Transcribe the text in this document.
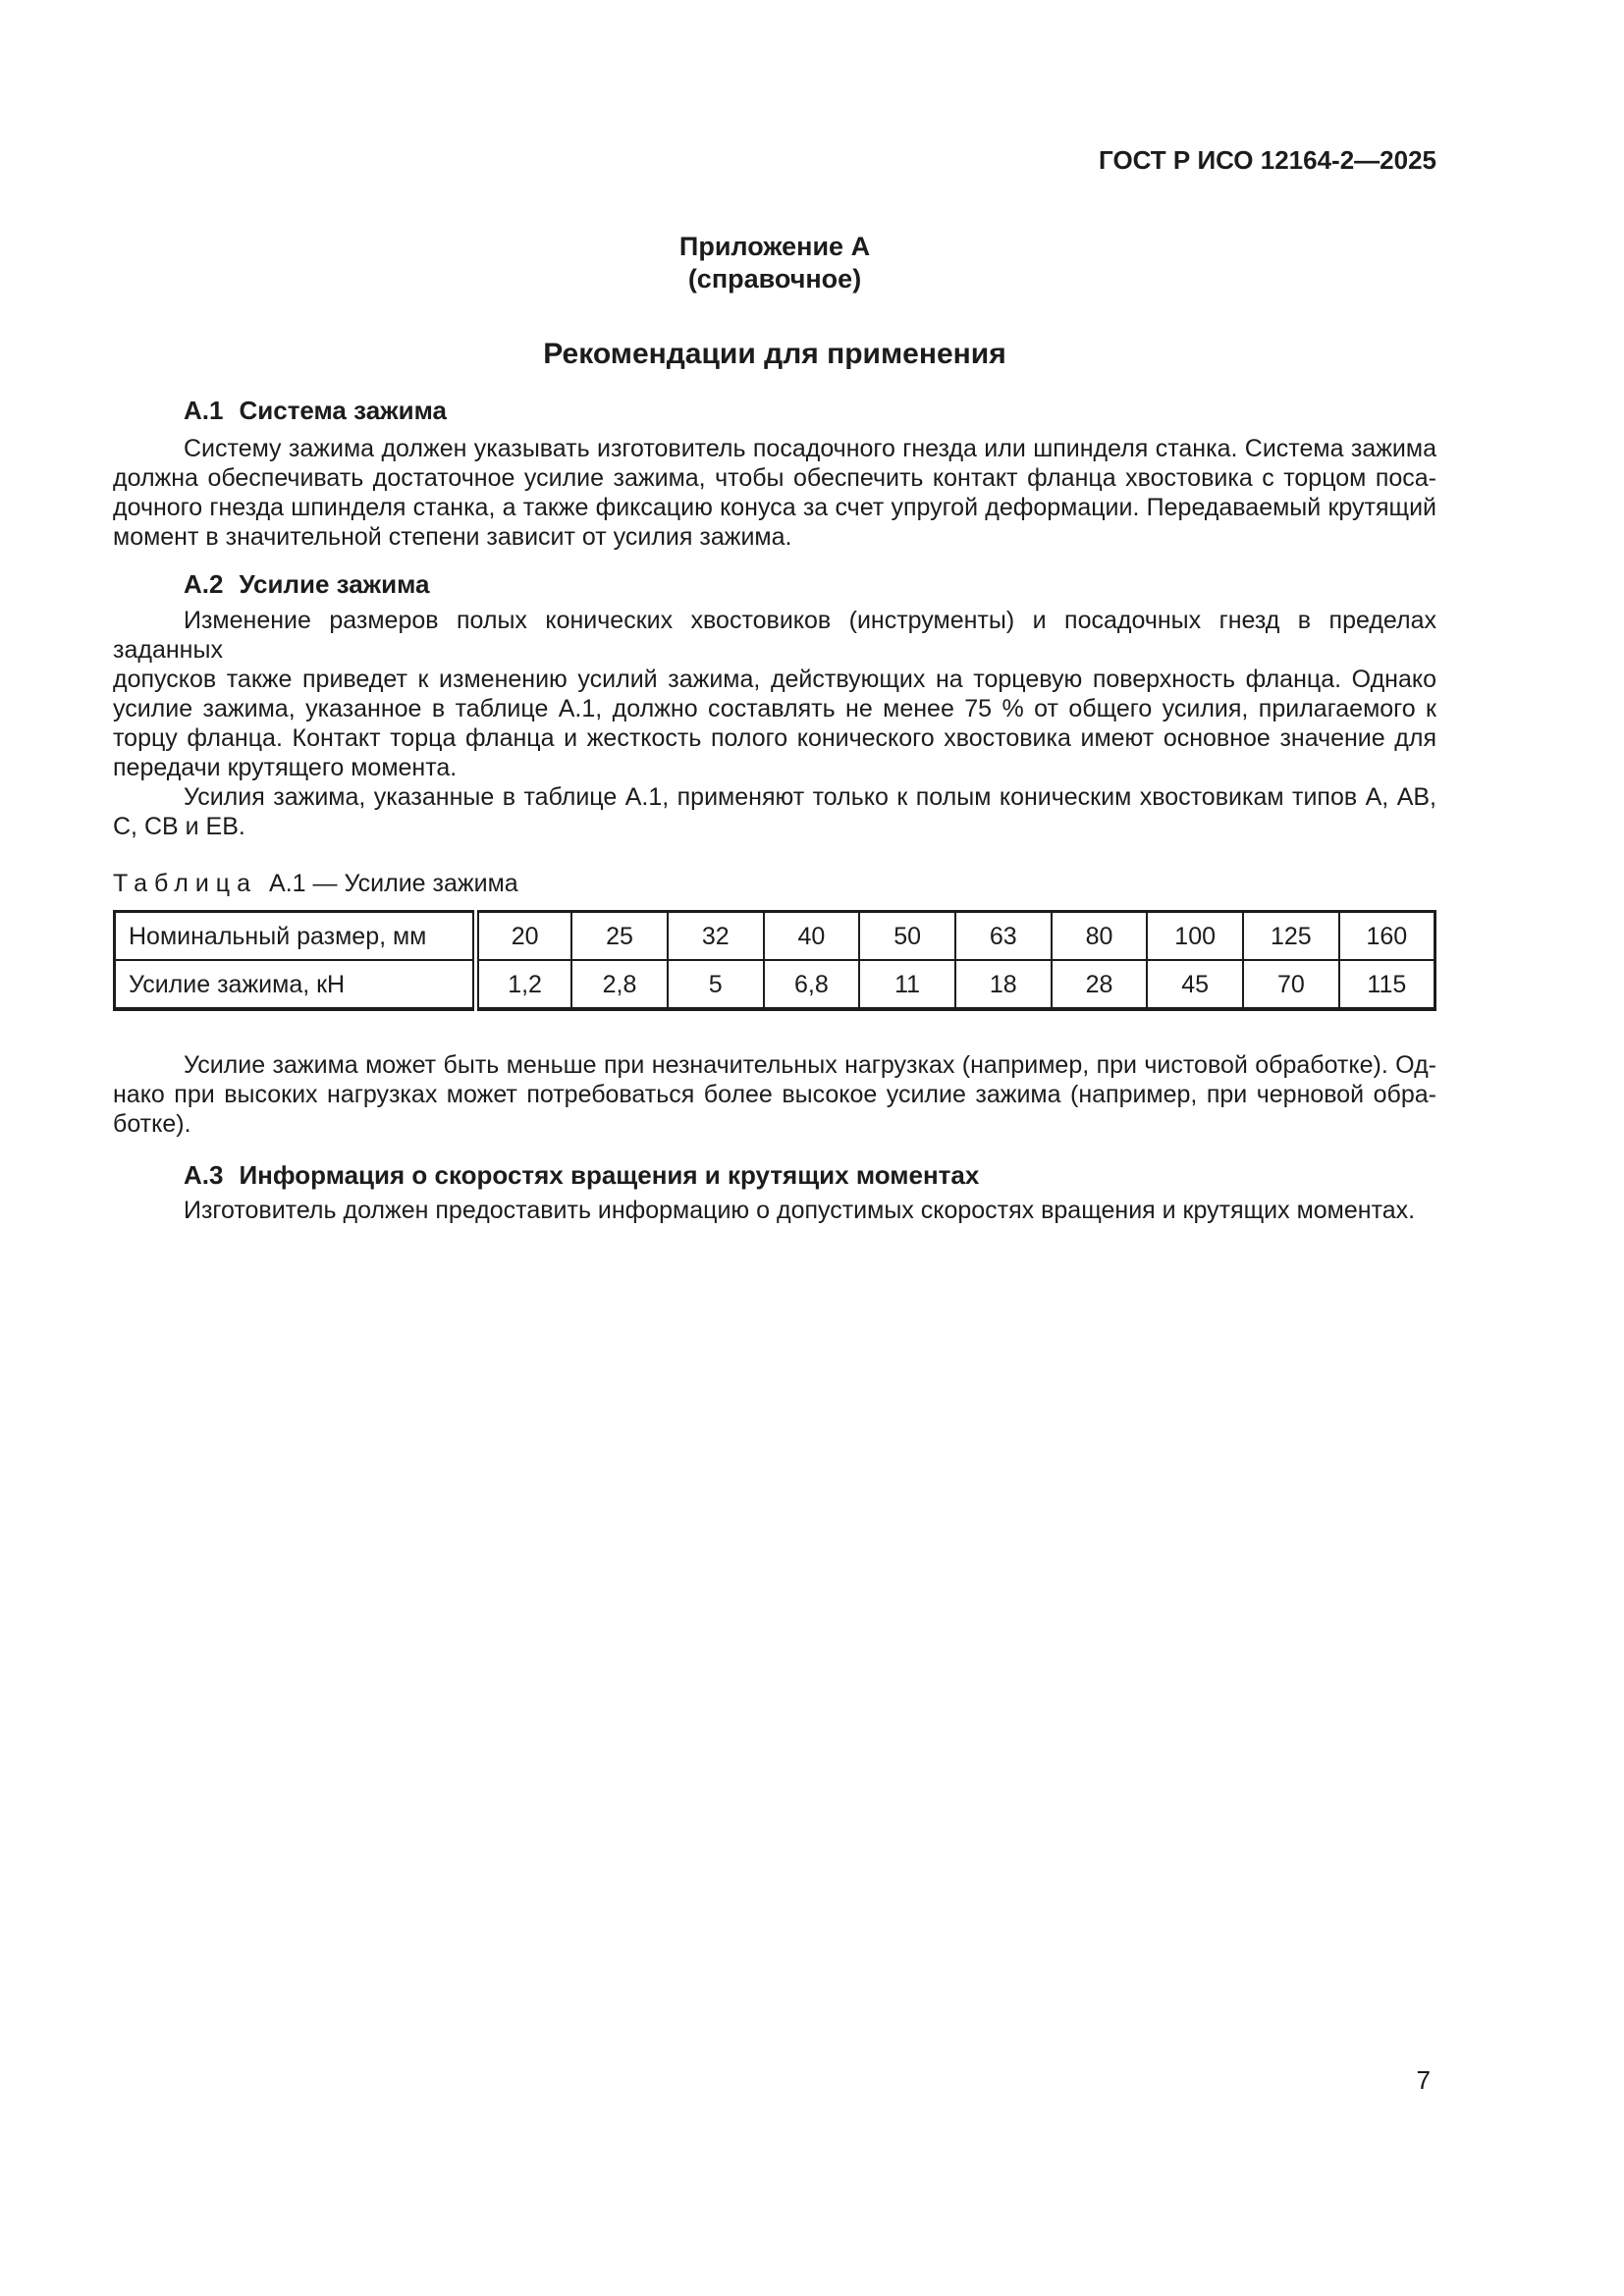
ГОСТ Р ИСО 12164-2—2025
Приложение А
(справочное)
Рекомендации для применения
А.1 Система зажима
Систему зажима должен указывать изготовитель посадочного гнезда или шпинделя станка. Система зажима
должна обеспечивать достаточное усилие зажима, чтобы обеспечить контакт фланца хвостовика с торцом поса-
дочного гнезда шпинделя станка, а также фиксацию конуса за счет упругой деформации. Передаваемый крутящий
момент в значительной степени зависит от усилия зажима.
А.2 Усилие зажима
Изменение размеров полых конических хвостовиков (инструменты) и посадочных гнезд в пределах заданных
допусков также приведет к изменению усилий зажима, действующих на торцевую поверхность фланца. Однако
усилие зажима, указанное в таблице А.1, должно составлять не менее 75 % от общего усилия, прилагаемого к
торцу фланца. Контакт торца фланца и жесткость полого конического хвостовика имеют основное значение для
передачи крутящего момента.
Усилия зажима, указанные в таблице А.1, применяют только к полым коническим хвостовикам типов А, АВ,
С, СВ и ЕВ.
Таблица А.1 — Усилие зажима
Номинальный размер, мм	20	25	32	40	50	63	80	100	125	160
Усилие зажима, кН	1,2	2,8	5	6,8	11	18	28	45	70	115
Усилие зажима может быть меньше при незначительных нагрузках (например, при чистовой обработке). Од-
нако при высоких нагрузках может потребоваться более высокое усилие зажима (например, при черновой обра-
ботке).
А.3 Информация о скоростях вращения и крутящих моментах
Изготовитель должен предоставить информацию о допустимых скоростях вращения и крутящих моментах.
7
